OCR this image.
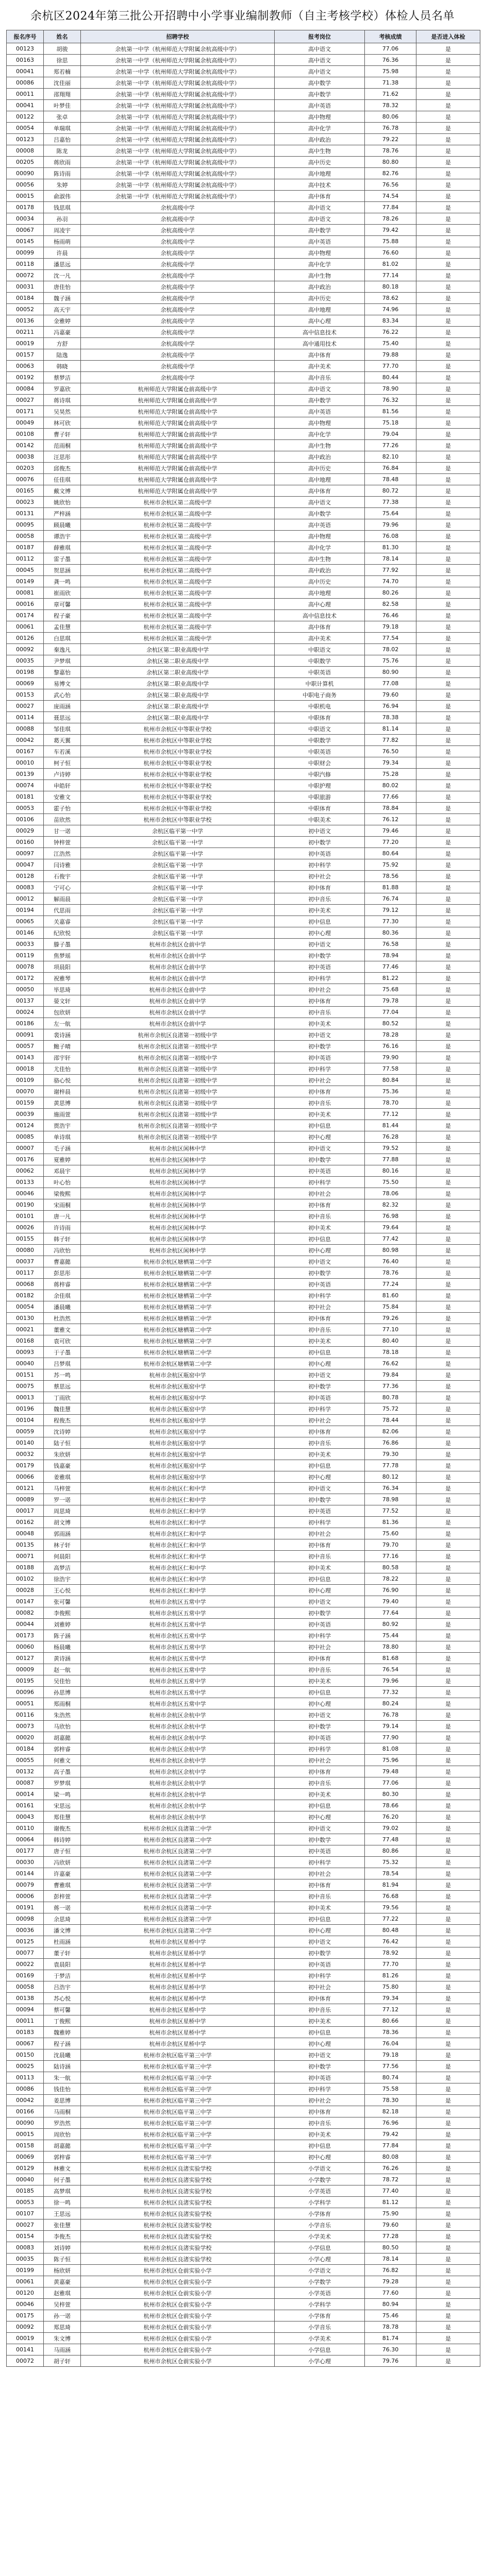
余杭区2024年第三批公开招聘中小学事业编制教师（自主考核学校）体检人员名单
报名序号	姓名	招聘学校	报考岗位	考核成绩	是否进入体检
00123	胡骏	余杭第一中学（杭州师范大学附属余杭高级中学）	高中语文	77.06	是
00163	徐思	余杭第一中学（杭州师范大学附属余杭高级中学）	高中语文	76.36	是
00041	郑若楠	余杭第一中学（杭州师范大学附属余杭高级中学）	高中语文	75.98	是
00086	沈佳丽	余杭第一中学（杭州师范大学附属余杭高级中学）	高中数学	71.38	是
00011	邵翔翔	余杭第一中学（杭州师范大学附属余杭高级中学）	高中数学	71.62	是
00041	叶梦佳	余杭第一中学（杭州师范大学附属余杭高级中学）	高中英语	78.32	是
00122	张卓	余杭第一中学（杭州师范大学附属余杭高级中学）	高中物理	80.06	是
00054	单瑞琪	余杭第一中学（杭州师范大学附属余杭高级中学）	高中化学	76.78	是
00123	吕嘉怡	余杭第一中学（杭州师范大学附属余杭高级中学）	高中政治	79.22	是
00008	陈龙	余杭第一中学（杭州师范大学附属余杭高级中学）	高中生物	78.76	是
00205	蒋欣雨	余杭第一中学（杭州师范大学附属余杭高级中学）	高中历史	80.80	是
00090	陈诗雨	余杭第一中学（杭州师范大学附属余杭高级中学）	高中地理	82.76	是
00056	朱婷	余杭第一中学（杭州师范大学附属余杭高级中学）	高中技术	76.56	是
00015	俞淑伟	余杭第一中学（杭州师范大学附属余杭高级中学）	高中体育	74.54	是
00178	钱思琪	余杭高级中学	高中语文	77.84	是
00034	孙羽	余杭高级中学	高中语文	78.26	是
00067	周凌宇	余杭高级中学	高中数学	79.42	是
00145	杨雨萌	余杭高级中学	高中英语	75.88	是
00099	许晨	余杭高级中学	高中物理	76.60	是
00118	潘思远	余杭高级中学	高中化学	81.02	是
00072	沈一凡	余杭高级中学	高中生物	77.14	是
00031	唐佳怡	余杭高级中学	高中政治	80.18	是
00184	魏子涵	余杭高级中学	高中历史	78.62	是
00052	高天宇	余杭高级中学	高中地理	74.96	是
00136	金雅婷	余杭高级中学	高中心理	83.34	是
00211	冯嘉豪	余杭高级中学	高中信息技术	76.22	是
00019	方舒	余杭高级中学	高中通用技术	75.40	是
00157	陆逸	余杭高级中学	高中体育	79.88	是
00063	韩晓	余杭高级中学	高中美术	77.70	是
00192	蔡梦洁	余杭高级中学	高中音乐	80.44	是
00084	罗嘉欣	杭州师范大学附属仓前高级中学	高中语文	78.90	是
00027	蒋诗琪	杭州师范大学附属仓前高级中学	高中数学	76.32	是
00171	吴昊然	杭州师范大学附属仓前高级中学	高中英语	81.56	是
00049	林可欣	杭州师范大学附属仓前高级中学	高中物理	75.18	是
00108	曹子轩	杭州师范大学附属仓前高级中学	高中化学	79.04	是
00142	范雨桐	杭州师范大学附属仓前高级中学	高中生物	77.26	是
00038	汪思彤	杭州师范大学附属仓前高级中学	高中政治	82.10	是
00203	邱俊杰	杭州师范大学附属仓前高级中学	高中历史	76.84	是
00076	任佳琪	杭州师范大学附属仓前高级中学	高中地理	78.48	是
00165	戴文博	杭州师范大学附属仓前高级中学	高中体育	80.72	是
00023	姚欣怡	杭州市余杭区第二高级中学	高中语文	77.38	是
00131	严梓涵	杭州市余杭区第二高级中学	高中数学	75.64	是
00095	顾晨曦	杭州市余杭区第二高级中学	高中英语	79.96	是
00058	谭浩宇	杭州市余杭区第二高级中学	高中物理	76.08	是
00187	薛雅琪	杭州市余杭区第二高级中学	高中化学	81.30	是
00112	雷子墨	杭州市余杭区第二高级中学	高中生物	78.14	是
00045	贺思涵	杭州市余杭区第二高级中学	高中政治	77.92	是
00149	龚一鸣	杭州市余杭区第二高级中学	高中历史	74.70	是
00081	崔雨欣	杭州市余杭区第二高级中学	高中地理	80.26	是
00016	章可馨	杭州市余杭区第二高级中学	高中心理	82.58	是
00174	程子豪	杭州市余杭区第二高级中学	高中信息技术	76.46	是
00061	孟佳慧	杭州市余杭区第二高级中学	高中体育	79.18	是
00126	白思琪	杭州市余杭区第二高级中学	高中美术	77.54	是
00092	秦逸凡	余杭区第二职业高级中学	中职语文	78.02	是
00035	尹梦琪	余杭区第二职业高级中学	中职数学	75.76	是
00198	黎嘉怡	余杭区第二职业高级中学	中职英语	80.90	是
00069	易博文	余杭区第二职业高级中学	中职计算机	77.08	是
00153	武心怡	余杭区第二职业高级中学	中职电子商务	79.60	是
00027	庞雨涵	余杭区第二职业高级中学	中职机电	76.94	是
00114	聂思远	余杭区第二职业高级中学	中职体育	78.38	是
00088	邹佳琪	杭州市余杭区中等职业学校	中职语文	81.14	是
00042	葛天翼	杭州市余杭区中等职业学校	中职数学	77.82	是
00167	车若溪	杭州市余杭区中等职业学校	中职英语	76.50	是
00010	柯子恒	杭州市余杭区中等职业学校	中职财会	79.34	是
00139	卢诗婷	杭州市余杭区中等职业学校	中职汽修	75.28	是
00074	申皓轩	杭州市余杭区中等职业学校	中职护理	80.02	是
00181	安雅文	杭州市余杭区中等职业学校	中职旅游	77.66	是
00053	霍子怡	杭州市余杭区中等职业学校	中职体育	78.84	是
00106	苗欣然	杭州市余杭区中等职业学校	中职美术	76.12	是
00029	甘一诺	余杭区临平第一中学	初中语文	79.46	是
00160	钟梓萱	余杭区临平第一中学	初中数学	77.20	是
00097	江浩然	余杭区临平第一中学	初中英语	80.64	是
00047	闫诗雅	余杭区临平第一中学	初中科学	75.92	是
00128	石俊宇	余杭区临平第一中学	初中社会	78.56	是
00083	宁可心	余杭区临平第一中学	初中体育	81.88	是
00012	解雨晨	余杭区临平第一中学	初中音乐	76.74	是
00194	代思雨	余杭区临平第一中学	初中美术	79.12	是
00065	关嘉睿	余杭区临平第一中学	初中信息	77.30	是
00146	纪欣悦	余杭区临平第一中学	初中心理	80.36	是
00033	滕子墨	杭州市余杭区仓前中学	初中语文	76.58	是
00119	焦梦瑶	杭州市余杭区仓前中学	初中数学	78.94	是
00078	项晨阳	杭州市余杭区仓前中学	初中英语	77.46	是
00172	祝雅琴	杭州市余杭区仓前中学	初中科学	81.22	是
00050	毕思琦	杭州市余杭区仓前中学	初中社会	75.68	是
00137	晏文轩	杭州市余杭区仓前中学	初中体育	79.78	是
00024	包欣妍	杭州市余杭区仓前中学	初中音乐	77.04	是
00186	左一航	杭州市余杭区仓前中学	初中美术	80.52	是
00091	裴诗涵	杭州市余杭区良渚第一初级中学	初中语文	78.28	是
00057	鲍子晴	杭州市余杭区良渚第一初级中学	初中数学	76.16	是
00143	邵宇轩	杭州市余杭区良渚第一初级中学	初中英语	79.90	是
00018	尤佳怡	杭州市余杭区良渚第一初级中学	初中科学	77.58	是
00109	骆心悦	杭州市余杭区良渚第一初级中学	初中社会	80.84	是
00070	谢梓晨	杭州市余杭区良渚第一初级中学	初中体育	75.36	是
00159	黄思博	杭州市余杭区良渚第一初级中学	初中音乐	78.70	是
00039	施雨萱	杭州市余杭区良渚第一初级中学	初中美术	77.12	是
00124	贾浩宇	杭州市余杭区良渚第一初级中学	初中信息	81.44	是
00085	单诗琪	杭州市余杭区良渚第一初级中学	初中心理	76.28	是
00007	毛子涵	杭州市余杭区闲林中学	初中语文	79.52	是
00176	夏雅婷	杭州市余杭区闲林中学	初中数学	77.88	是
00062	邓晨宇	杭州市余杭区闲林中学	初中英语	80.16	是
00133	叶心怡	杭州市余杭区闲林中学	初中科学	75.50	是
00046	梁俊熙	杭州市余杭区闲林中学	初中社会	78.06	是
00190	宋雨桐	杭州市余杭区闲林中学	初中体育	82.32	是
00101	唐一凡	杭州市余杭区闲林中学	初中音乐	76.98	是
00026	许诗雨	杭州市余杭区闲林中学	初中美术	79.64	是
00155	韩子轩	杭州市余杭区闲林中学	初中信息	77.42	是
00080	冯欣怡	杭州市余杭区闲林中学	初中心理	80.98	是
00037	曹嘉懿	杭州市余杭区塘栖第二中学	初中语文	76.40	是
00117	彭思彤	杭州市余杭区塘栖第二中学	初中数学	78.76	是
00068	蒋梓睿	杭州市余杭区塘栖第二中学	初中英语	77.24	是
00182	余佳琪	杭州市余杭区塘栖第二中学	初中科学	81.60	是
00054	潘晨曦	杭州市余杭区塘栖第二中学	初中社会	75.84	是
00130	杜浩然	杭州市余杭区塘栖第二中学	初中体育	79.26	是
00021	董雅文	杭州市余杭区塘栖第二中学	初中音乐	77.10	是
00168	袁可欣	杭州市余杭区塘栖第二中学	初中美术	80.40	是
00093	于子墨	杭州市余杭区塘栖第二中学	初中信息	78.18	是
00040	吕梦琪	杭州市余杭区塘栖第二中学	初中心理	76.62	是
00151	苏一鸣	杭州市余杭区瓶窑中学	初中语文	79.84	是
00075	蔡思远	杭州市余杭区瓶窑中学	初中数学	77.36	是
00013	丁雨欣	杭州市余杭区瓶窑中学	初中英语	80.78	是
00196	魏佳慧	杭州市余杭区瓶窑中学	初中科学	75.72	是
00104	程俊杰	杭州市余杭区瓶窑中学	初中社会	78.44	是
00059	沈诗婷	杭州市余杭区瓶窑中学	初中体育	82.06	是
00140	陆子恒	杭州市余杭区瓶窑中学	初中音乐	76.86	是
00032	朱欣妍	杭州市余杭区瓶窑中学	初中美术	79.30	是
00179	钱嘉豪	杭州市余杭区瓶窑中学	初中信息	77.78	是
00066	姜雅琪	杭州市余杭区瓶窑中学	初中心理	80.12	是
00121	马梓萱	杭州市余杭区仁和中学	初中语文	76.34	是
00089	罗一诺	杭州市余杭区仁和中学	初中数学	78.98	是
00017	周思琦	杭州市余杭区仁和中学	初中英语	77.52	是
00162	胡文博	杭州市余杭区仁和中学	初中科学	81.36	是
00048	郭雨涵	杭州市余杭区仁和中学	初中社会	75.60	是
00135	林子轩	杭州市余杭区仁和中学	初中体育	79.70	是
00071	何晨阳	杭州市余杭区仁和中学	初中音乐	77.16	是
00188	高梦洁	杭州市余杭区仁和中学	初中美术	80.58	是
00102	徐浩宇	杭州市余杭区仁和中学	初中信息	78.22	是
00028	王心悦	杭州市余杭区仁和中学	初中心理	76.90	是
00147	张可馨	杭州市余杭区五常中学	初中语文	79.40	是
00082	李俊熙	杭州市余杭区五常中学	初中数学	77.64	是
00044	刘雅婷	杭州市余杭区五常中学	初中英语	80.92	是
00173	陈子涵	杭州市余杭区五常中学	初中科学	75.44	是
00060	杨晨曦	杭州市余杭区五常中学	初中社会	78.80	是
00127	黄诗涵	杭州市余杭区五常中学	初中体育	81.68	是
00009	赵一航	杭州市余杭区五常中学	初中音乐	76.54	是
00195	吴佳怡	杭州市余杭区五常中学	初中美术	79.96	是
00096	孙思博	杭州市余杭区五常中学	初中信息	77.32	是
00051	郑雨桐	杭州市余杭区五常中学	初中心理	80.24	是
00116	朱浩然	杭州市余杭区余杭中学	初中语文	76.78	是
00073	马欣怡	杭州市余杭区余杭中学	初中数学	79.14	是
00020	胡嘉懿	杭州市余杭区余杭中学	初中英语	77.90	是
00184	郭梓睿	杭州市余杭区余杭中学	初中科学	81.08	是
00055	何雅文	杭州市余杭区余杭中学	初中社会	75.96	是
00132	高子墨	杭州市余杭区余杭中学	初中体育	79.48	是
00087	罗梦琪	杭州市余杭区余杭中学	初中音乐	77.06	是
00014	梁一鸣	杭州市余杭区余杭中学	初中美术	80.30	是
00161	宋思远	杭州市余杭区余杭中学	初中信息	78.66	是
00043	郑佳慧	杭州市余杭区余杭中学	初中心理	76.20	是
00110	谢俊杰	杭州市余杭区良渚第二中学	初中语文	79.02	是
00064	韩诗婷	杭州市余杭区良渚第二中学	初中数学	77.48	是
00177	唐子恒	杭州市余杭区良渚第二中学	初中英语	80.86	是
00030	冯欣妍	杭州市余杭区良渚第二中学	初中科学	75.32	是
00144	许嘉豪	杭州市余杭区良渚第二中学	初中社会	78.54	是
00079	曹雅琪	杭州市余杭区良渚第二中学	初中体育	81.94	是
00006	彭梓萱	杭州市余杭区良渚第二中学	初中音乐	76.68	是
00191	蒋一诺	杭州市余杭区良渚第二中学	初中美术	79.56	是
00098	余思琦	杭州市余杭区良渚第二中学	初中信息	77.22	是
00036	潘文博	杭州市余杭区良渚第二中学	初中心理	80.48	是
00125	杜雨涵	杭州市余杭区星桥中学	初中语文	76.42	是
00077	董子轩	杭州市余杭区星桥中学	初中数学	78.92	是
00022	袁晨阳	杭州市余杭区星桥中学	初中英语	77.70	是
00169	于梦洁	杭州市余杭区星桥中学	初中科学	81.26	是
00058	吕浩宇	杭州市余杭区星桥中学	初中社会	75.80	是
00138	苏心悦	杭州市余杭区星桥中学	初中体育	79.34	是
00094	蔡可馨	杭州市余杭区星桥中学	初中音乐	77.12	是
00011	丁俊熙	杭州市余杭区星桥中学	初中美术	80.66	是
00183	魏雅婷	杭州市余杭区星桥中学	初中信息	78.36	是
00067	程子涵	杭州市余杭区星桥中学	初中心理	76.04	是
00150	沈晨曦	杭州市余杭区临平第三中学	初中语文	79.18	是
00025	陆诗涵	杭州市余杭区临平第三中学	初中数学	77.56	是
00113	朱一航	杭州市余杭区临平第三中学	初中英语	80.74	是
00086	钱佳怡	杭州市余杭区临平第三中学	初中科学	75.58	是
00042	姜思博	杭州市余杭区临平第三中学	初中社会	78.30	是
00166	马雨桐	杭州市余杭区临平第三中学	初中体育	82.18	是
00090	罗浩然	杭州市余杭区临平第三中学	初中音乐	76.96	是
00015	周欣怡	杭州市余杭区临平第三中学	初中美术	79.42	是
00158	胡嘉懿	杭州市余杭区临平第三中学	初中信息	77.84	是
00069	郭梓睿	杭州市余杭区临平第三中学	初中心理	80.08	是
00129	林雅文	杭州市余杭区良渚实验学校	小学语文	76.26	是
00040	何子墨	杭州市余杭区良渚实验学校	小学数学	78.72	是
00185	高梦琪	杭州市余杭区良渚实验学校	小学英语	77.40	是
00053	徐一鸣	杭州市余杭区良渚实验学校	小学科学	81.12	是
00107	王思远	杭州市余杭区良渚实验学校	小学体育	75.90	是
00027	张佳慧	杭州市余杭区良渚实验学校	小学音乐	79.60	是
00154	李俊杰	杭州市余杭区良渚实验学校	小学美术	77.28	是
00083	刘诗婷	杭州市余杭区良渚实验学校	小学信息	80.50	是
00035	陈子恒	杭州市余杭区良渚实验学校	小学心理	78.14	是
00199	杨欣妍	杭州市余杭区仓前实验小学	小学语文	76.82	是
00061	黄嘉豪	杭州市余杭区仓前实验小学	小学数学	79.28	是
00120	赵雅琪	杭州市余杭区仓前实验小学	小学英语	77.60	是
00046	吴梓萱	杭州市余杭区仓前实验小学	小学科学	80.94	是
00175	孙一诺	杭州市余杭区仓前实验小学	小学体育	75.46	是
00092	郑思琦	杭州市余杭区仓前实验小学	小学音乐	78.78	是
00019	朱文博	杭州市余杭区仓前实验小学	小学美术	81.74	是
00141	马雨涵	杭州市余杭区仓前实验小学	小学信息	76.30	是
00072	胡子轩	杭州市余杭区仓前实验小学	小学心理	79.76	是
